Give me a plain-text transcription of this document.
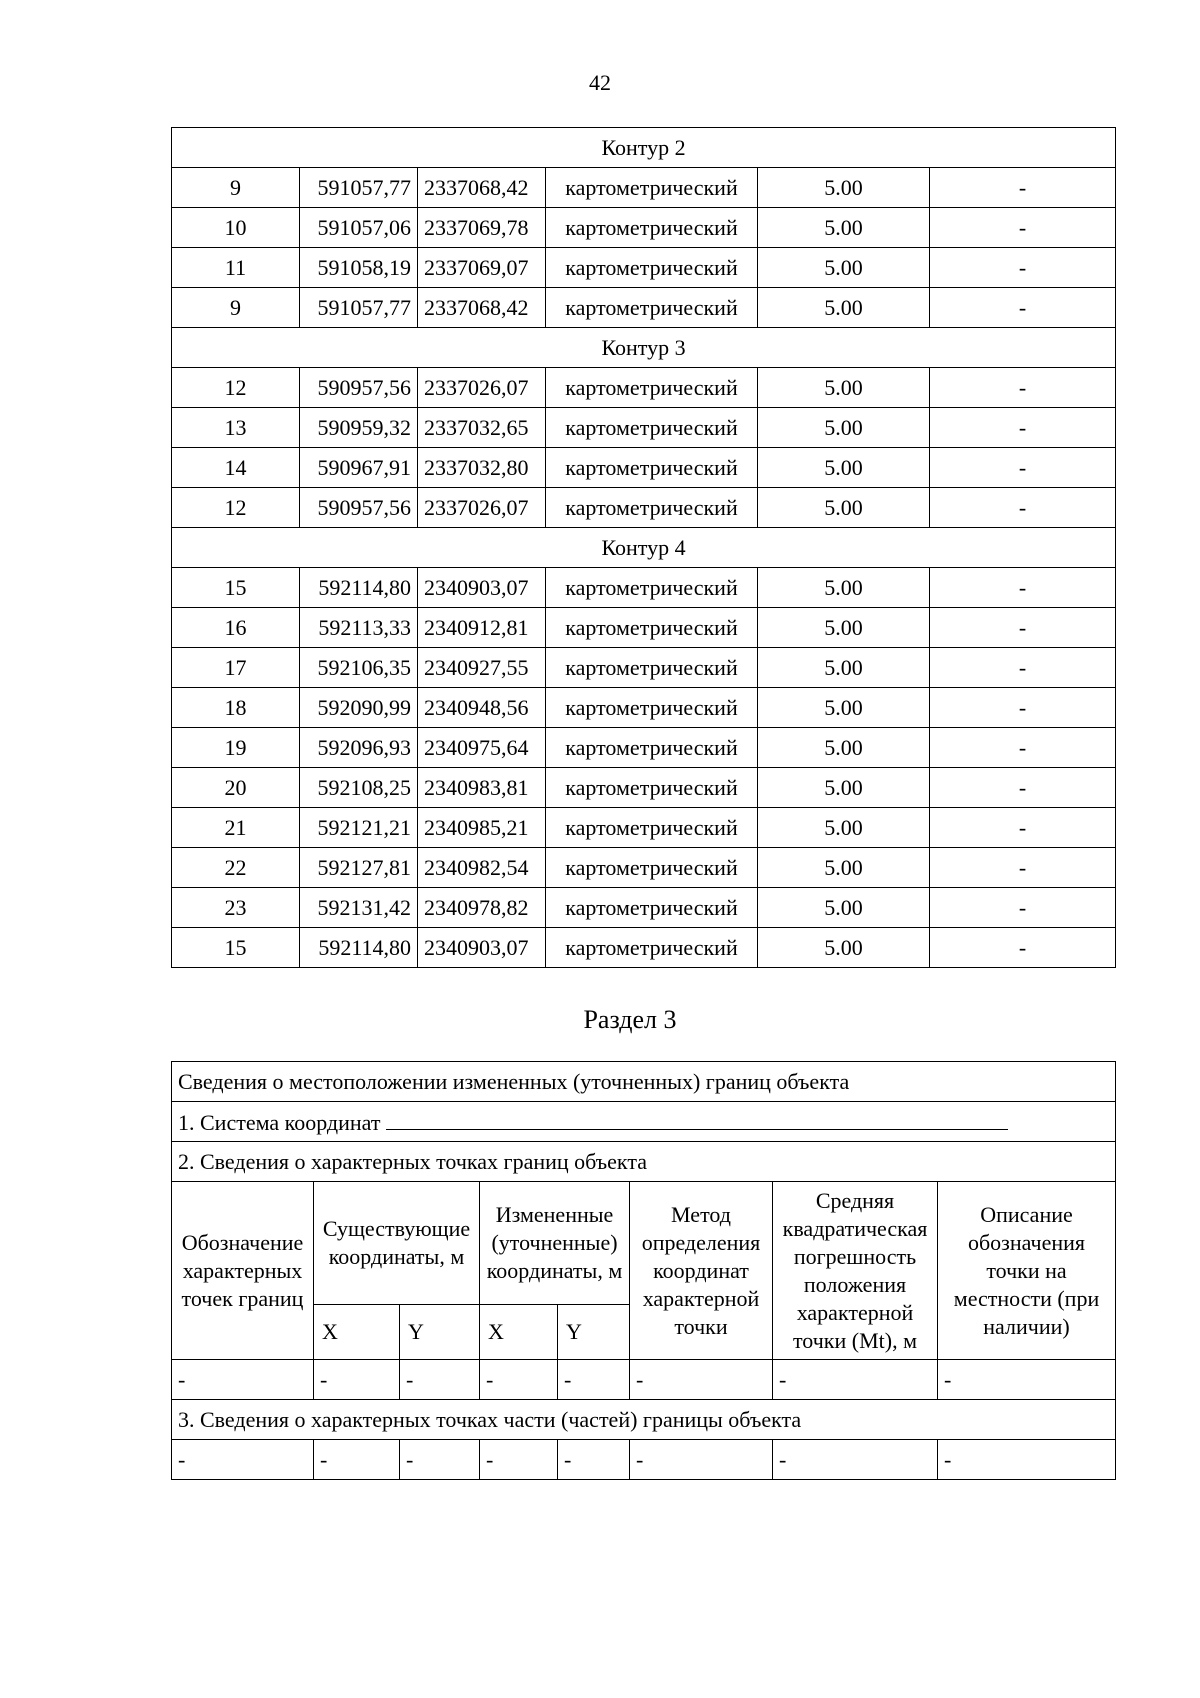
42
Контур 2					
9	591057,77	2337068,42	картометрический	5.00	-
10	591057,06	2337069,78	картометрический	5.00	-
11	591058,19	2337069,07	картометрический	5.00	-
9	591057,77	2337068,42	картометрический	5.00	-
Контур 3					
12	590957,56	2337026,07	картометрический	5.00	-
13	590959,32	2337032,65	картометрический	5.00	-
14	590967,91	2337032,80	картометрический	5.00	-
12	590957,56	2337026,07	картометрический	5.00	-
Контур 4					
15	592114,80	2340903,07	картометрический	5.00	-
16	592113,33	2340912,81	картометрический	5.00	-
17	592106,35	2340927,55	картометрический	5.00	-
18	592090,99	2340948,56	картометрический	5.00	-
19	592096,93	2340975,64	картометрический	5.00	-
20	592108,25	2340983,81	картометрический	5.00	-
21	592121,21	2340985,21	картометрический	5.00	-
22	592127,81	2340982,54	картометрический	5.00	-
23	592131,42	2340978,82	картометрический	5.00	-
15	592114,80	2340903,07	картометрический	5.00	-
Раздел 3
Сведения о местоположении измененных (уточненных) границ объекта							
1. Система координат							
2. Сведения о характерных точках границ объекта							
Обозначение характерных точек границ	Существующие координаты, м		Измененные (уточненные) координаты, м		Метод определения координат характерной точки	Средняя квадратическая погрешность положения характерной точки (Mt), м	Описание обозначения точки на местности (при наличии)
	X	Y	X	Y			
-	-	-	-	-	-	-	-
3. Сведения о характерных точках части (частей) границы объекта							
-	-	-	-	-	-	-	-
